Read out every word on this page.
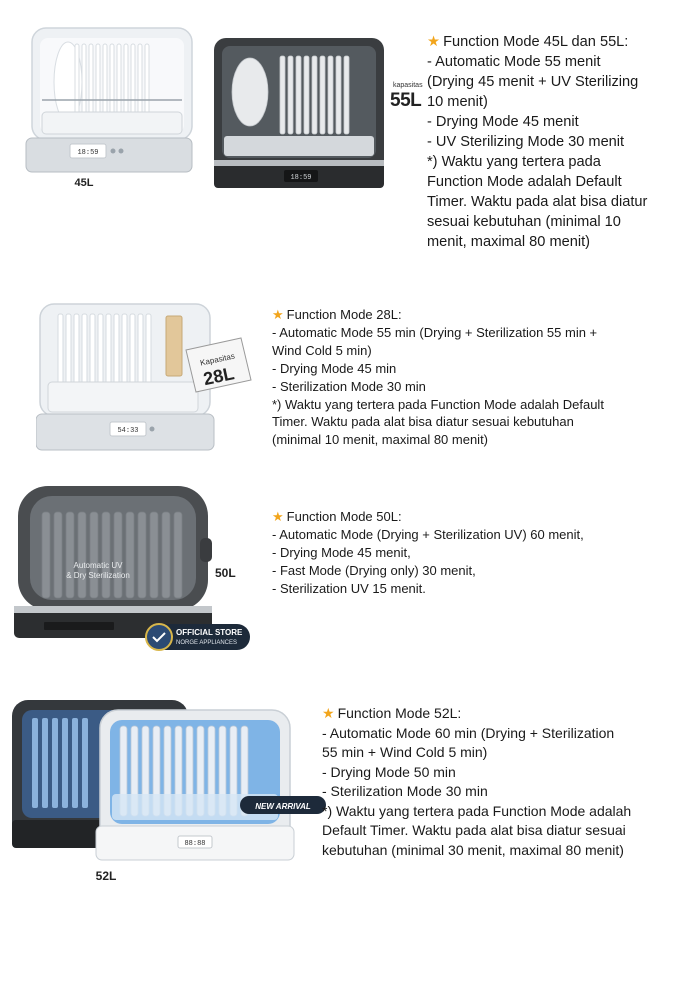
18:59
45L	18:59
kapasitas
55L
★ Function Mode 45L dan 55L:
- Automatic Mode 55 menit
(Drying 45 menit + UV Sterilizing
10 menit)
- Drying Mode 45 menit
- UV Sterilizing Mode 30 menit
*) Waktu yang tertera pada
Function Mode adalah Default
Timer. Waktu pada alat bisa diatur
sesuai kebutuhan (minimal 10
menit, maximal 80 menit)
54:33
Kapasitas
28L
★ Function Mode 28L:
- Automatic Mode 55 min (Drying + Sterilization 55 min +
Wind Cold 5 min)
- Drying Mode 45 min
- Sterilization Mode 30 min
*) Waktu yang tertera pada Function Mode adalah Default
Timer. Waktu pada alat bisa diatur sesuai kebutuhan
(minimal 10 menit, maximal 80 menit)
Automatic UV
& Dry Sterilization
OFFICIAL STORE
NORGE APPLIANCES
50L
★ Function Mode 50L:
- Automatic Mode (Drying + Sterilization UV) 60 menit,
- Drying Mode 45 menit,
- Fast Mode (Drying only) 30 menit,
- Sterilization UV 15 menit.
88:88
NEW ARRIVAL
52L
★ Function Mode 52L:
- Automatic Mode 60 min (Drying + Sterilization
55 min + Wind Cold 5 min)
- Drying Mode 50 min
- Sterilization Mode 30 min
*) Waktu yang tertera pada Function Mode adalah
Default Timer. Waktu pada alat bisa diatur sesuai
kebutuhan (minimal 30 menit, maximal 80 menit)
